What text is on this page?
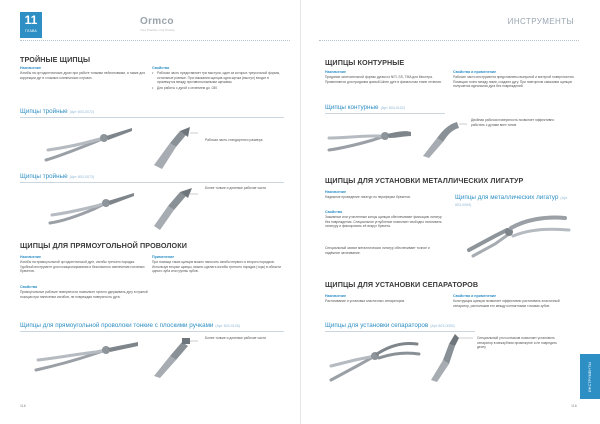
11
ГЛАВА
Ormco
Your Practice. Our Priority.
ТРОЙНЫЕ ЩИПЦЫ
Назначение
Изгибы на ортодонтических дугах при работе тонкими нейлоновыми, а также для коррекции дуг в сложных клинических случаях.
Свойства
• Рабочая часть представляет три выступа, один из которых треугольной формы, остальные ровные. При смыкании щипцов одна щечка (выступ) входит в промежуток между противоположными щечками.
• Для работы с дугой с сечением до .030
Щипцы тройные (Арт 803-0072)
Рабочая часть стандартного размера
Щипцы тройные (Арт 803-0073)
Более тонкие и длинные рабочие части
ЩИПЦЫ ДЛЯ ПРЯМОУГОЛЬНОЙ ПРОВОЛОКИ
Назначение
Изгибы на прямоугольной ортодонтической дуге, изгибы третьего порядка. Удобный инструмент для позиционирования и безопасного извлечения головных брекетов.
Свойства
Прямоугольные рабочие поверхности позволяют прочно удерживать дугу в нужной позиции при нанесении изгибов, не повреждая поверхность дуги.
Применение
При помощи таких щипцов можно наносить изгибы первого и второго порядков. Используя вторые щипцы, можно сделать изгибы третьего порядка (торк) в области одного зуба или группы зубов.
Щипцы для прямоугольной проволоки тонкие с плоскими ручками (Арт 803-0105)
Более тонкие и длинные рабочие части
116
ИНСТРУМЕНТЫ
ЩИПЦЫ КОНТУРНЫЕ
Назначение
Придание окончательной формы дугам из NiTi, SS, TMA для Мистера. Применяются для придания кривой Шпее дуге в финальном этапе лечения.
Свойства и применение
Рабочие части инструмента представлены выпуклой и вогнутой поверхностью. Помещая точно между ними, создают дугу. При повторном смыкании щипцов получается идеальная дуга без повреждений.
Щипцы контурные (Арт 803-0102)
Двойная рабочая поверхность позволяет эффективно работать с дугами всех типов
ЩИПЦЫ ДЛЯ УСТАНОВКИ МЕТАЛЛИЧЕСКИХ ЛИГАТУР
Назначение
Надежное проведение лигатур по периферии брекетов.
Свойства
Зажимные или утопленные концы щипцов обеспечивают фиксацию лигатур без повреждения. Специальное углубление позволяет свободно натягивать лигатуру и фиксировать её вокруг брекета.
Специальный захват металлических лигатур обеспечивает точное и надёжное затягивание.
Щипцы для металлических лигатур (Арт 803-0059)
ЩИПЦЫ ДЛЯ УСТАНОВКИ СЕПАРАТОРОВ
Назначение
Растягивание и установка эластичных сепараторов.
Свойства и применение
Конструкция щипцов позволяет эффективно растягивать эластичный сепаратор, расположив его между контактными точками зубов.
Щипцы для установки сепараторов (Арт 803-0055)
Специальный угол кончиков позволяет установить сепаратор в межзубном промежутке и не повредить десну
ИНСТРУМЕНТЫ
116
